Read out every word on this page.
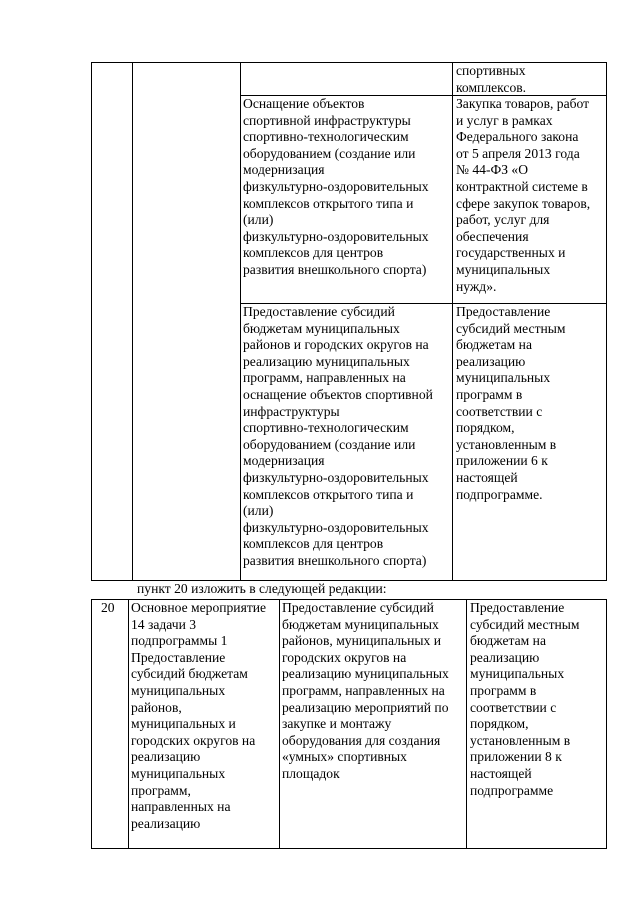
спортивных
комплексов.
Оснащение объектов
спортивной инфраструктуры
спортивно-технологическим
оборудованием (создание или
модернизация
физкультурно-оздоровительных
комплексов открытого типа и
(или)
физкультурно-оздоровительных
комплексов для центров
развития внешкольного спорта)
Закупка товаров, работ
и услуг в рамках
Федерального закона
от 5 апреля 2013 года
№ 44-ФЗ «О
контрактной системе в
сфере закупок товаров,
работ, услуг для
обеспечения
государственных и
муниципальных
нужд».
Предоставление субсидий
бюджетам муниципальных
районов и городских округов на
реализацию муниципальных
программ, направленных на
оснащение объектов спортивной
инфраструктуры
спортивно-технологическим
оборудованием (создание или
модернизация
физкультурно-оздоровительных
комплексов открытого типа и
(или)
физкультурно-оздоровительных
комплексов для центров
развития внешкольного спорта)
Предоставление
субсидий местным
бюджетам на
реализацию
муниципальных
программ в
соответствии с
порядком,
установленным в
приложении 6 к
настоящей
подпрограмме.
пункт 20 изложить в следующей редакции:
20 Основное мероприятие
14 задачи 3
подпрограммы 1
Предоставление
субсидий бюджетам
муниципальных
районов,
муниципальных и
городских округов на
реализацию
муниципальных
программ,
направленных на
реализацию
Предоставление субсидий
бюджетам муниципальных
районов, муниципальных и
городских округов на
реализацию муниципальных
программ, направленных на
реализацию мероприятий по
закупке и монтажу
оборудования для создания
«умных» спортивных
площадок
Предоставление
субсидий местным
бюджетам на
реализацию
муниципальных
программ в
соответствии с
порядком,
установленным в
приложении 8 к
настоящей
подпрограмме
